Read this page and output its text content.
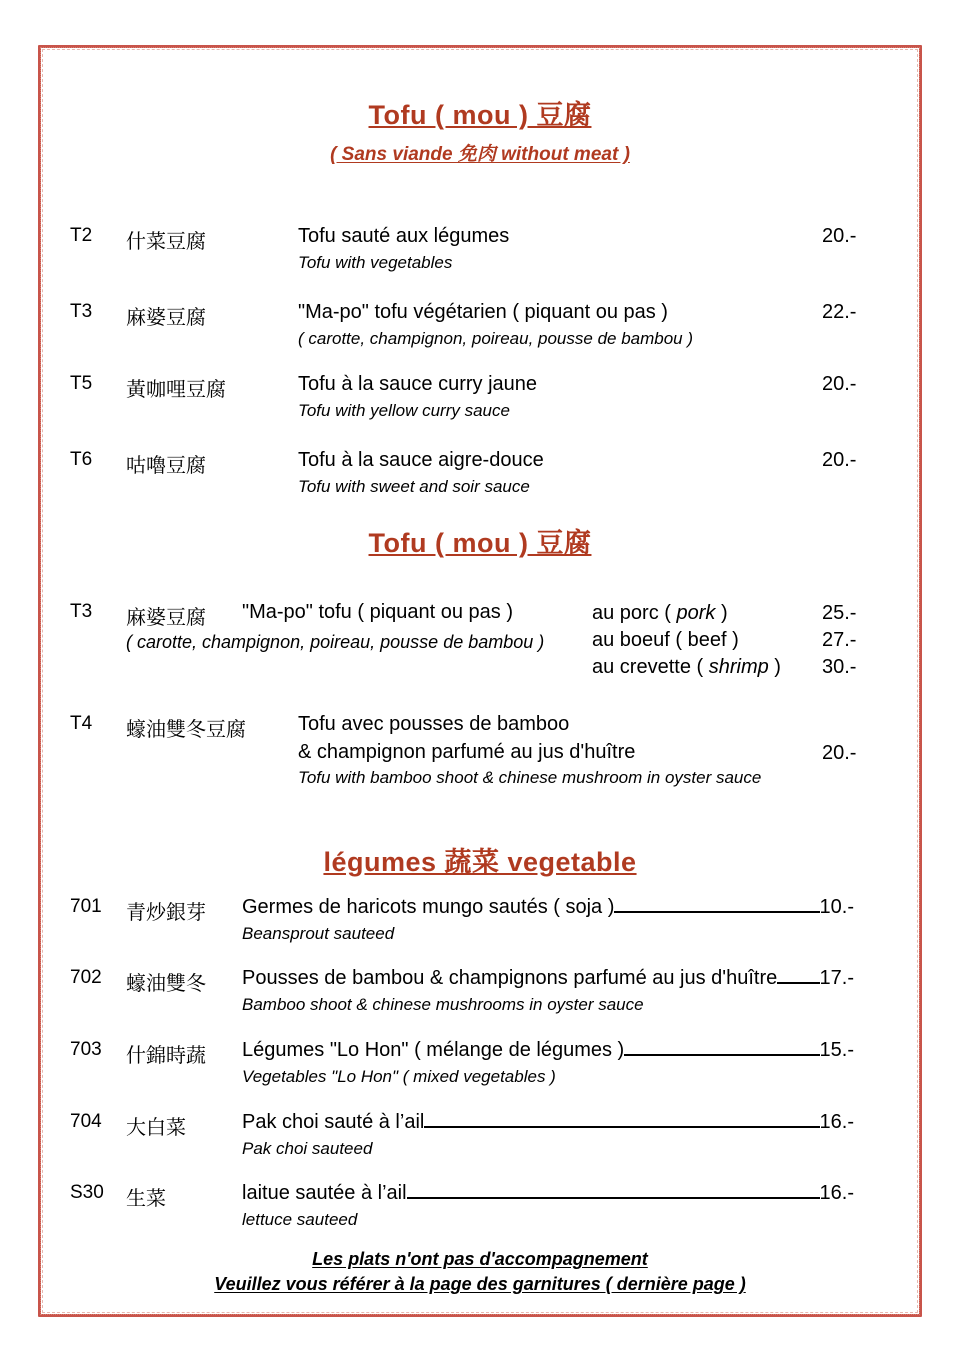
Tofu ( mou ) 豆腐
( Sans viande 免肉 without meat )
T2 什菜豆腐	Tofu sauté aux légumes
Tofu with vegetables
20.-
T3 麻婆豆腐	"Ma-po" tofu végétarien ( piquant ou pas )
( carotte, champignon, poireau, pousse de bambou )
22.-
T5 黃咖哩豆腐	Tofu à la sauce curry jaune
Tofu with yellow curry sauce
20.-
T6 咕嚕豆腐	Tofu à la sauce aigre-douce
Tofu with sweet and soir sauce
20.-
Tofu ( mou ) 豆腐
T3 麻婆豆腐 "Ma-po" tofu ( piquant ou pas )
( carotte, champignon, poireau, pousse de bambou )
au porc ( pork )	25.-
au boeuf ( beef )	27.-
au crevette ( shrimp ) 30.-
T4 蠔油雙冬豆腐	Tofu avec pousses de bamboo
& champignon parfumé au jus d'huître
Tofu with bamboo shoot & chinese mushroom in oyster sauce
20.-
légumes 蔬菜 vegetable
701 青炒銀芽 Germes de haricots mungo sautés ( soja )	10.-
Beansprout sauteed
702 蠔油雙冬 Pousses de bambou & champignons parfumé au jus d'huître 17.-
Bamboo shoot & chinese mushrooms in oyster sauce
703 什錦時蔬 Légumes "Lo Hon" ( mélange de légumes )	15.-
Vegetables "Lo Hon" ( mixed vegetables )
704 大白菜	Pak choi sauté à l’ail	16.-
Pak choi sauteed
S30 生菜	laitue sautée à l’ail	16.-
lettuce sauteed
Les plats n'ont pas d'accompagnement
Veuillez vous référer à la page des garnitures ( dernière page )
